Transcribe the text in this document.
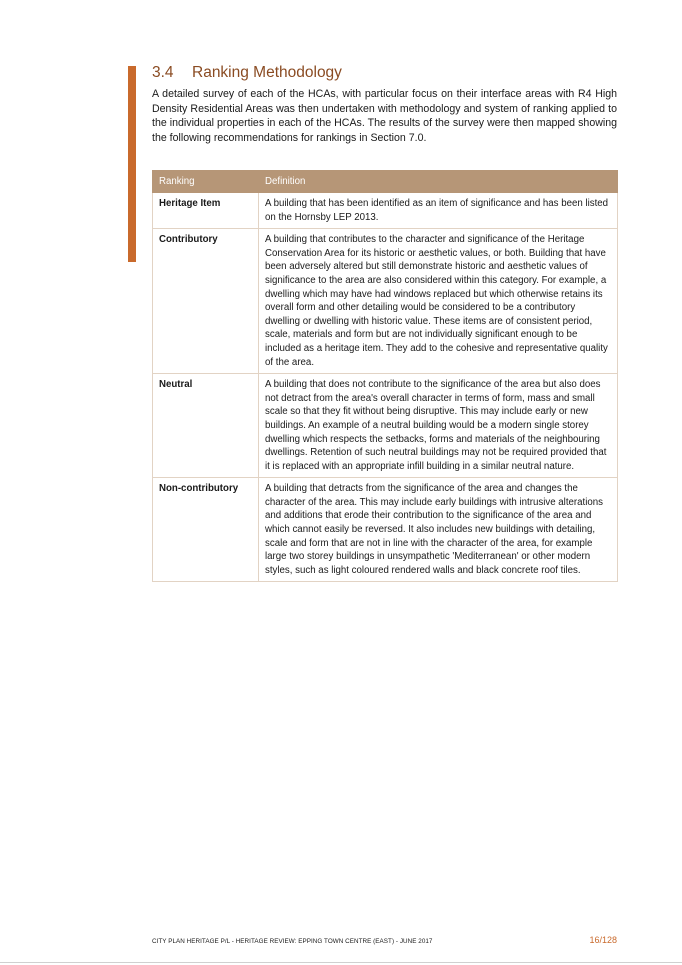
3.4 Ranking Methodology

A detailed survey of each of the HCAs, with particular focus on their interface areas with R4 High Density Residential Areas was then undertaken with methodology and system of ranking applied to the individual properties in each of the HCAs. The results of the survey were then mapped showing the following recommendations for rankings in Section 7.0.

Ranking	Definition
Heritage Item	A building that has been identified as an item of significance and has been listed on the Hornsby LEP 2013.
Contributory	A building that contributes to the character and significance of the Heritage Conservation Area for its historic or aesthetic values, or both. Building that have been adversely altered but still demonstrate historic and aesthetic values of significance to the area are also considered within this category. For example, a dwelling which may have had windows replaced but which otherwise retains its overall form and other detailing would be considered to be a contributory dwelling or dwelling with historic value. These items are of consistent period, scale, materials and form but are not individually significant enough to be included as a heritage item. They add to the cohesive and representative quality of the area.
Neutral	A building that does not contribute to the significance of the area but also does not detract from the area's overall character in terms of form, mass and small scale so that they fit without being disruptive. This may include early or new buildings. An example of a neutral building would be a modern single storey dwelling which respects the setbacks, forms and materials of the neighbouring dwellings. Retention of such neutral buildings may not be required provided that it is replaced with an appropriate infill building in a similar neutral nature.
Non-contributory	A building that detracts from the significance of the area and changes the character of the area. This may include early buildings with intrusive alterations and additions that erode their contribution to the significance of the area and which cannot easily be reversed. It also includes new buildings with detailing, scale and form that are not in line with the character of the area, for example large two storey buildings in unsympathetic 'Mediterranean' or other modern styles, such as light coloured rendered walls and black concrete roof tiles.
CITY PLAN HERITAGE P/L - HERITAGE REVIEW: EPPING TOWN CENTRE (EAST) - JUNE 2017	16/128
